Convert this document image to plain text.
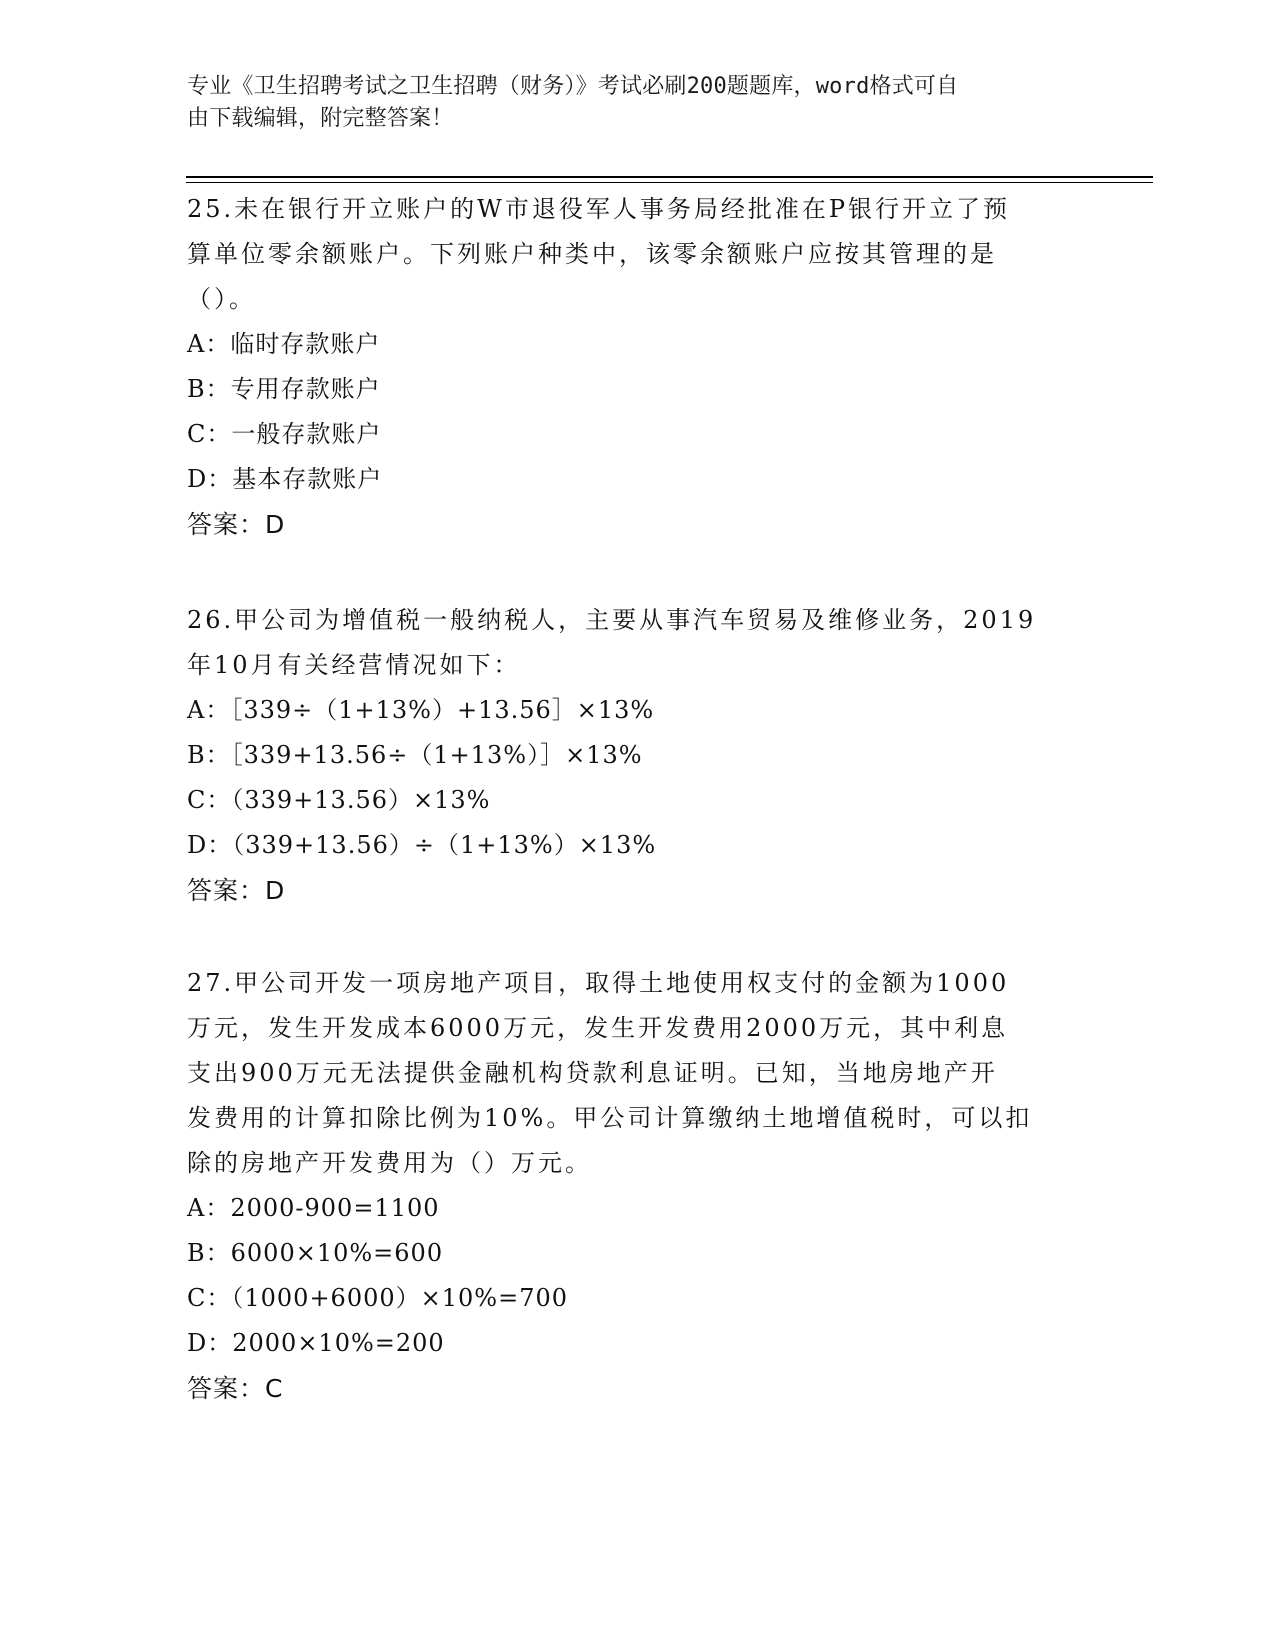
专业《卫生招聘考试之卫生招聘（财务）》考试必刷200题题库，word格式可自
由下载编辑，附完整答案！
25.未在银行开立账户的W市退役军人事务局经批准在P银行开立了预
算单位零余额账户。下列账户种类中，该零余额账户应按其管理的是
（）。
A：临时存款账户
B：专用存款账户
C：一般存款账户
D：基本存款账户
答案：D
26.甲公司为增值税一般纳税人，主要从事汽车贸易及维修业务，2019
年10月有关经营情况如下：
A：［339÷（1+13%）+13.56］×13%
B：［339+13.56÷（1+13%）］×13%
C：（339+13.56）×13%
D：（339+13.56）÷（1+13%）×13%
答案：D
27.甲公司开发一项房地产项目，取得土地使用权支付的金额为1000
万元，发生开发成本6000万元，发生开发费用2000万元，其中利息
支出900万元无法提供金融机构贷款利息证明。已知，当地房地产开
发费用的计算扣除比例为10%。甲公司计算缴纳土地增值税时，可以扣
除的房地产开发费用为（）万元。
A：2000-900=1100
B：6000×10%=600
C：（1000+6000）×10%=700
D：2000×10%=200
答案：C
